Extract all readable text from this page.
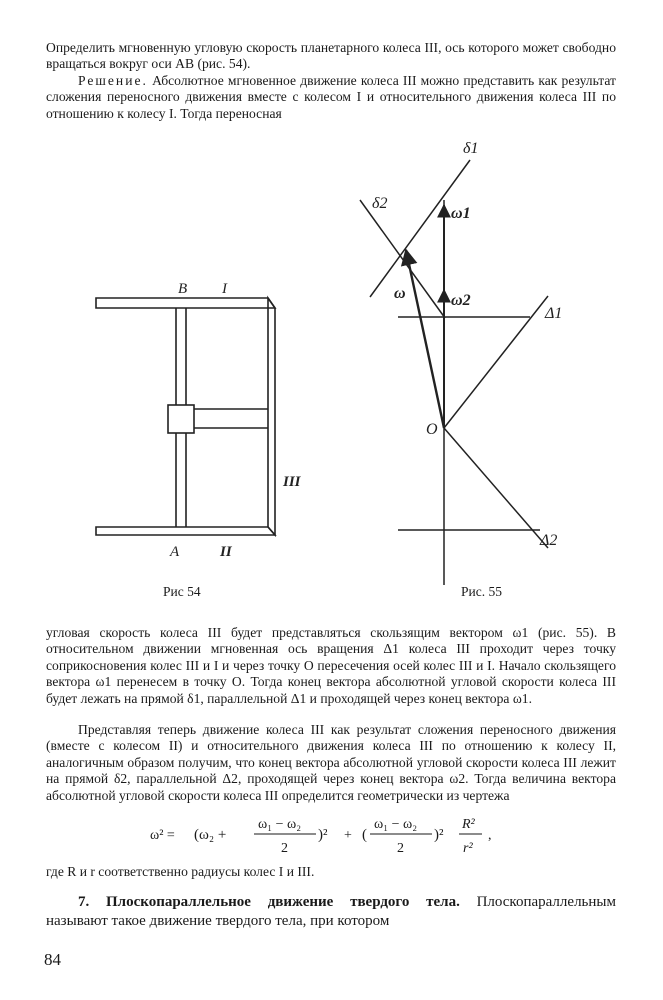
Определить мгновенную угловую скорость планетарного колеса III, ось которого может свободно вращаться вокруг оси AB (рис. 54).

Решение. Абсолютное мгновенное движение колеса III можно представить как результат сложения переносного движения вместе с колесом I и относительного движения колеса III по отношению к колесу I. Тогда переносная

B I
III
A	II
δ1
δ2
ω1
ω2
ω
Δ1
Δ2
O
Рис 54	Рис. 55

угловая скорость колеса III будет представляться скользящим вектором ω1 (рис. 55). В относительном движении мгновенная ось вращения Δ1 колеса III проходит через точку соприкосновения колес III и I и через точку O пересечения осей колес III и I. Начало скользящего вектора ω1 перенесем в точку O. Тогда конец вектора абсолютной угловой скорости колеса III будет лежать на прямой δ1, параллельной Δ1 и проходящей через конец вектора ω1.

Представляя теперь движение колеса III как результат сложения переносного движения (вместе с колесом II) и относительного движения колеса III по отношению к колесу II, аналогичным образом получим, что конец вектора абсолютной угловой скорости колеса III лежит на прямой δ2, параллельной Δ2, проходящей через конец вектора ω2. Тогда величина вектора абсолютной угловой скорости колеса III определится геометрически из чертежа

ω² = (ω₂ +
ω₁ − ω₂
2
)² + (
ω₁ − ω₂
2
)²
R²
r²
,

где R и r соответственно радиусы колес I и III.

7. Плоскопараллельное движение твердого тела. Плоскопараллельным называют такое движение твердого тела, при котором

84
